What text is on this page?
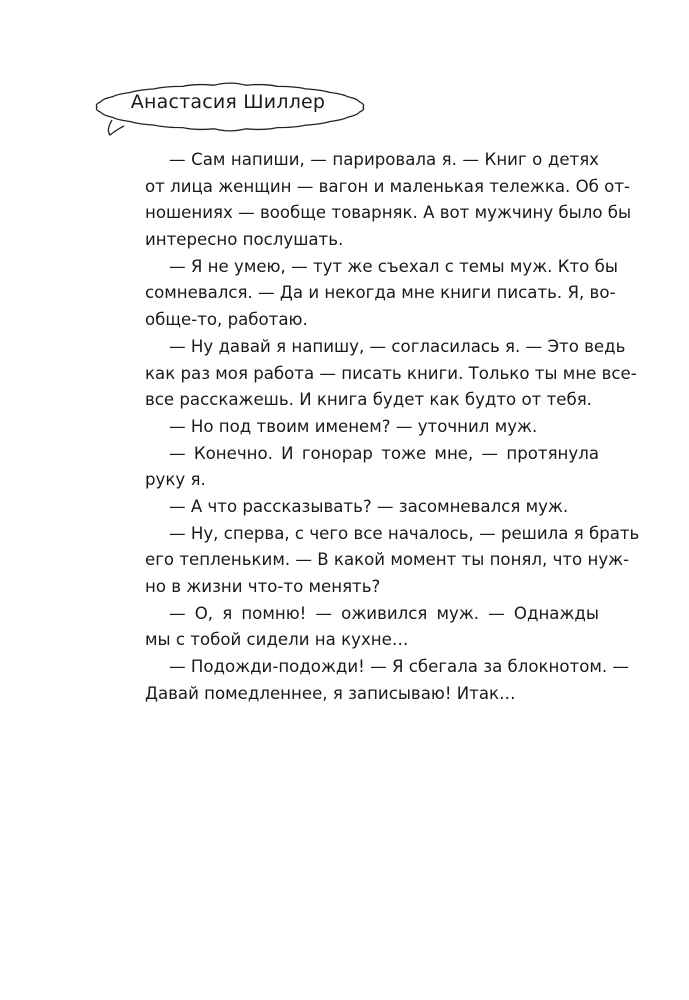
Анастасия Шиллер
— Сам напиши, — парировала я. — Книг о детях
от лица женщин — вагон и маленькая тележка. Об от-
ношениях — вообще товарняк. А вот мужчину было бы
интересно послушать.
— Я не умею, — тут же съехал с темы муж. Кто бы
сомневался. — Да и некогда мне книги писать. Я, во-
обще-то, работаю.
— Ну давай я напишу, — согласилась я. — Это ведь
как раз моя работа — писать книги. Только ты мне все-
все расскажешь. И книга будет как будто от тебя.
— Но под твоим именем? — уточнил муж.
— Конечно. И гонорар тоже мне, — протянула
руку я.
— А что рассказывать? — засомневался муж.
— Ну, сперва, с чего все началось, — решила я брать
его тепленьким. — В какой момент ты понял, что нуж-
но в жизни что-то менять?
— О, я помню! — оживился муж. — Однажды
мы с тобой сидели на кухне…
— Подожди-подожди! — Я сбегала за блокнотом. —
Давай помедленнее, я записываю! Итак…
